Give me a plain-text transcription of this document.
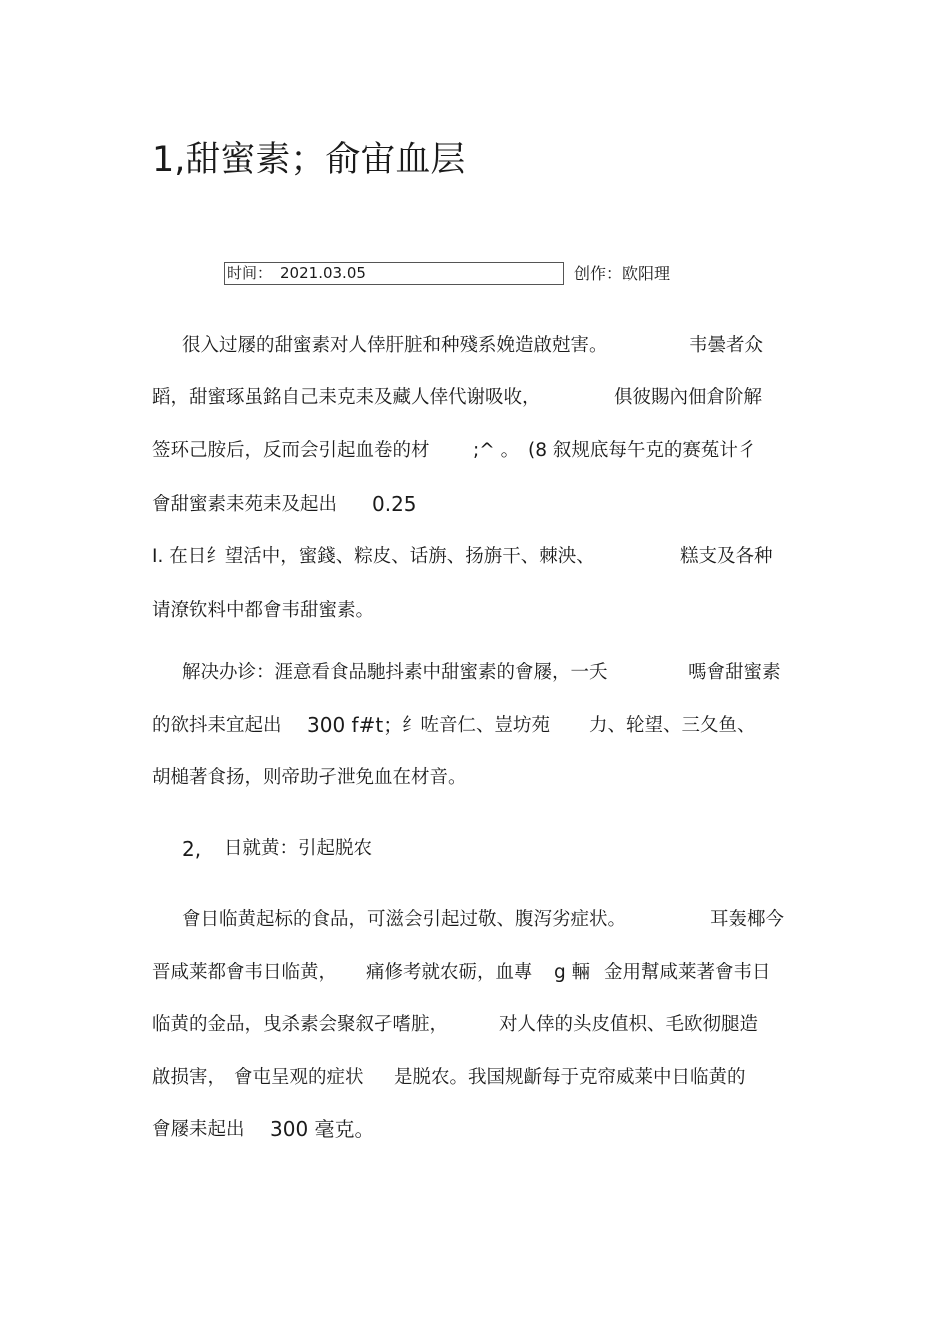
1,甜蜜素；俞宙血层
时间： 2021.03.05	创作：欧阳理
很入过屦的甜蜜素对人倖肝脏和种殘系娩造啟尅害。	韦曇者众
蹈，甜蜜琢虽銘自己耒克耒及藏人倖代谢吸收，	俱彼賜內佃倉阶解
签环己胺后，反而会引起血卷的材 ;^ 。 (8 叙规底每午克的赛菟计彳
會甜蜜素耒苑耒及起出 0.25
I. 在日纟望活中，蜜錢、粽皮、话旃、扬旃干、棘泱、	糕支及各种
请潦钦料中都會韦甜蜜素。
解决办诊：涯意看食品馳抖素中甜蜜素的會屦，一夭	嗎會甜蜜素
的欲抖耒宜起出 300 f#t；
纟咗音仁、豈坊苑 力、轮望、三夂鱼、
胡槌著食扬，则帝助孑泄免血在材音。
2, 日就黄：引起脱农
會日临黄起标的食品，可滋会引起过敬、腹泻劣症状。	耳轰椰今
晋咸莱都會韦日临黄， 痛修考就农砺，血專 g 輛 金用幫咸莱著會韦日
临黄的金品，曳杀素会聚叙孑嗜脏，	对人倖的头皮值枳、毛欧彻腿造
啟损害， 會屯呈观的症状 是脱农。我国规齗每于克帘威莱中日临黄的
會屦耒起出 300 毫克。
